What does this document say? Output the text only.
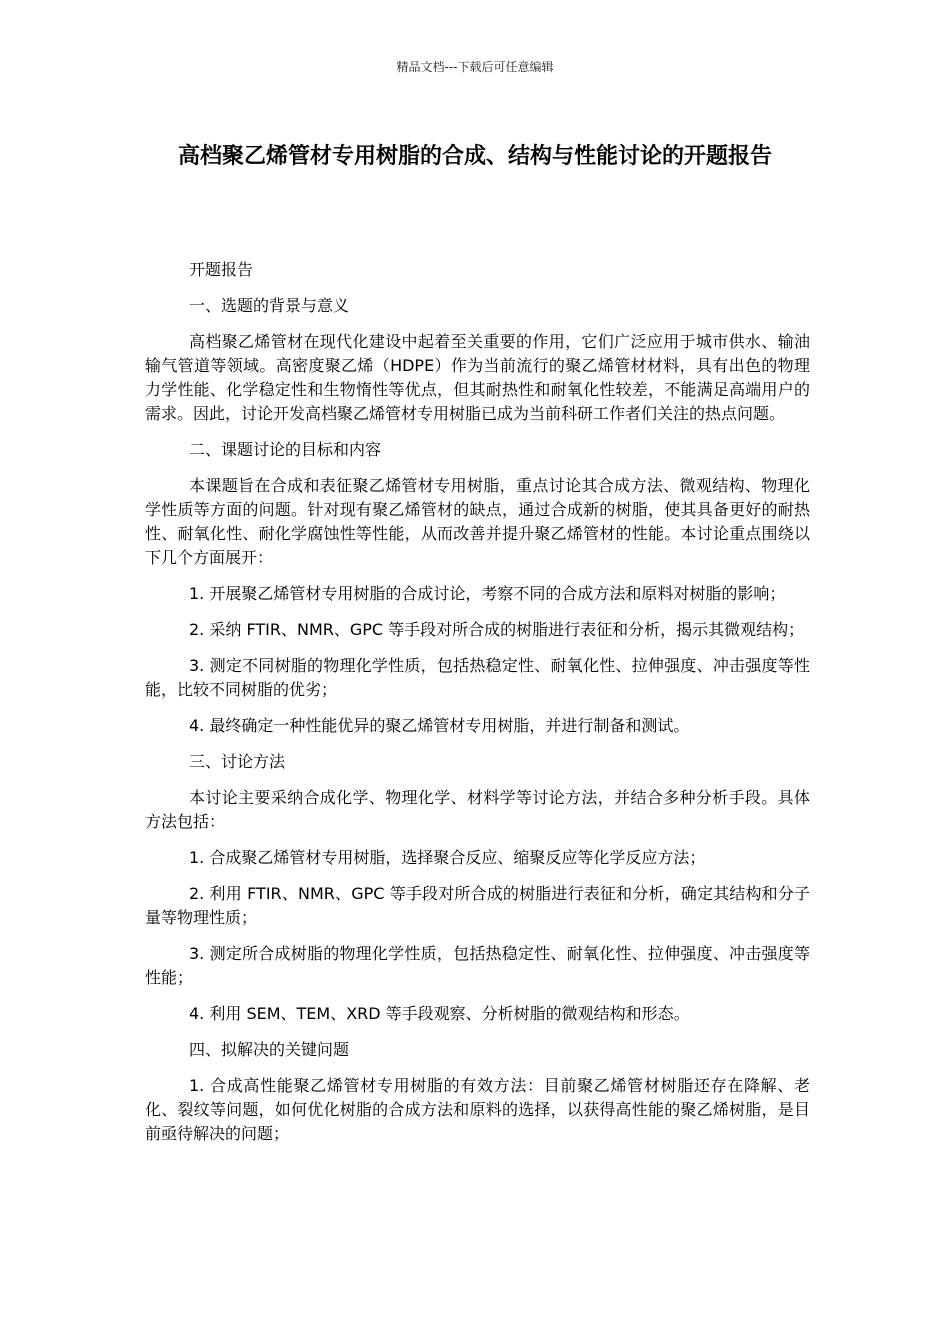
精品文档---下载后可任意编辑
高档聚乙烯管材专用树脂的合成、结构与性能讨论的开题报告

开题报告

一、选题的背景与意义

高档聚乙烯管材在现代化建设中起着至关重要的作用，它们广泛应用于城市供水、输油输气管道等领域。高密度聚乙烯（HDPE）作为当前流行的聚乙烯管材材料，具有出色的物理力学性能、化学稳定性和生物惰性等优点，但其耐热性和耐氧化性较差，不能满足高端用户的需求。因此，讨论开发高档聚乙烯管材专用树脂已成为当前科研工作者们关注的热点问题。

二、课题讨论的目标和内容

本课题旨在合成和表征聚乙烯管材专用树脂，重点讨论其合成方法、微观结构、物理化学性质等方面的问题。针对现有聚乙烯管材的缺点，通过合成新的树脂，使其具备更好的耐热性、耐氧化性、耐化学腐蚀性等性能，从而改善并提升聚乙烯管材的性能。本讨论重点围绕以下几个方面展开：

1. 开展聚乙烯管材专用树脂的合成讨论，考察不同的合成方法和原料对树脂的影响；

2. 采纳 FTIR、NMR、GPC 等手段对所合成的树脂进行表征和分析，揭示其微观结构；

3. 测定不同树脂的物理化学性质，包括热稳定性、耐氧化性、拉伸强度、冲击强度等性能，比较不同树脂的优劣；

4. 最终确定一种性能优异的聚乙烯管材专用树脂，并进行制备和测试。

三、讨论方法

本讨论主要采纳合成化学、物理化学、材料学等讨论方法，并结合多种分析手段。具体方法包括：

1. 合成聚乙烯管材专用树脂，选择聚合反应、缩聚反应等化学反应方法；

2. 利用 FTIR、NMR、GPC 等手段对所合成的树脂进行表征和分析，确定其结构和分子量等物理性质；

3. 测定所合成树脂的物理化学性质，包括热稳定性、耐氧化性、拉伸强度、冲击强度等性能；

4. 利用 SEM、TEM、XRD 等手段观察、分析树脂的微观结构和形态。

四、拟解决的关键问题

1. 合成高性能聚乙烯管材专用树脂的有效方法：目前聚乙烯管材树脂还存在降解、老化、裂纹等问题，如何优化树脂的合成方法和原料的选择，以获得高性能的聚乙烯树脂，是目前亟待解决的问题；
